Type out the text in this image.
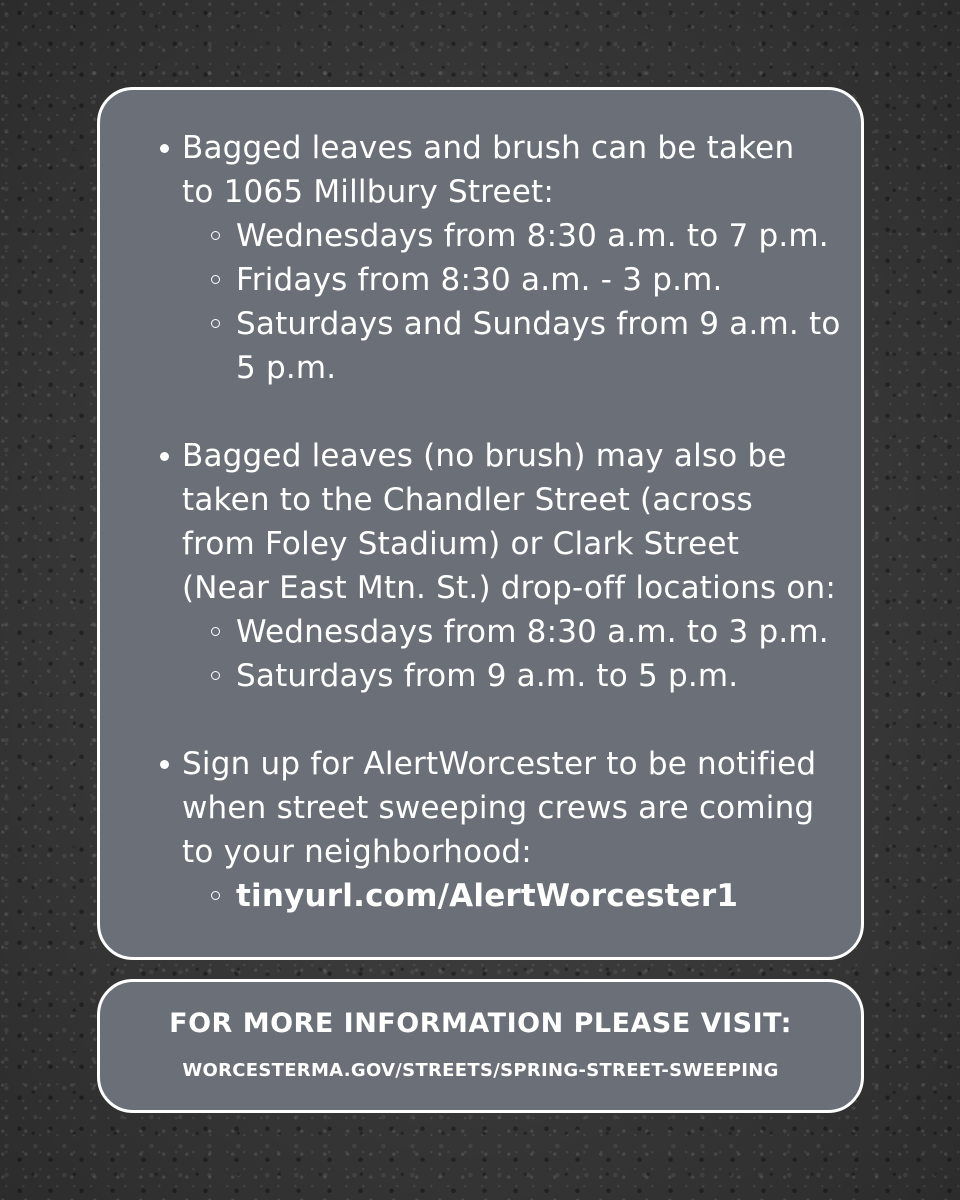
Bagged leaves and brush can be taken
to 1065 Millbury Street:
Wednesdays from 8:30 a.m. to 7 p.m.
Fridays from 8:30 a.m. - 3 p.m.
Saturdays and Sundays from 9 a.m. to
5 p.m.
Bagged leaves (no brush) may also be
taken to the Chandler Street (across
from Foley Stadium) or Clark Street
(Near East Mtn. St.) drop-off locations on:
Wednesdays from 8:30 a.m. to 3 p.m.
Saturdays from 9 a.m. to 5 p.m.
Sign up for AlertWorcester to be notified
when street sweeping crews are coming
to your neighborhood:
tinyurl.com/AlertWorcester1
FOR MORE INFORMATION PLEASE VISIT:
WORCESTERMA.GOV/STREETS/SPRING-STREET-SWEEPING
